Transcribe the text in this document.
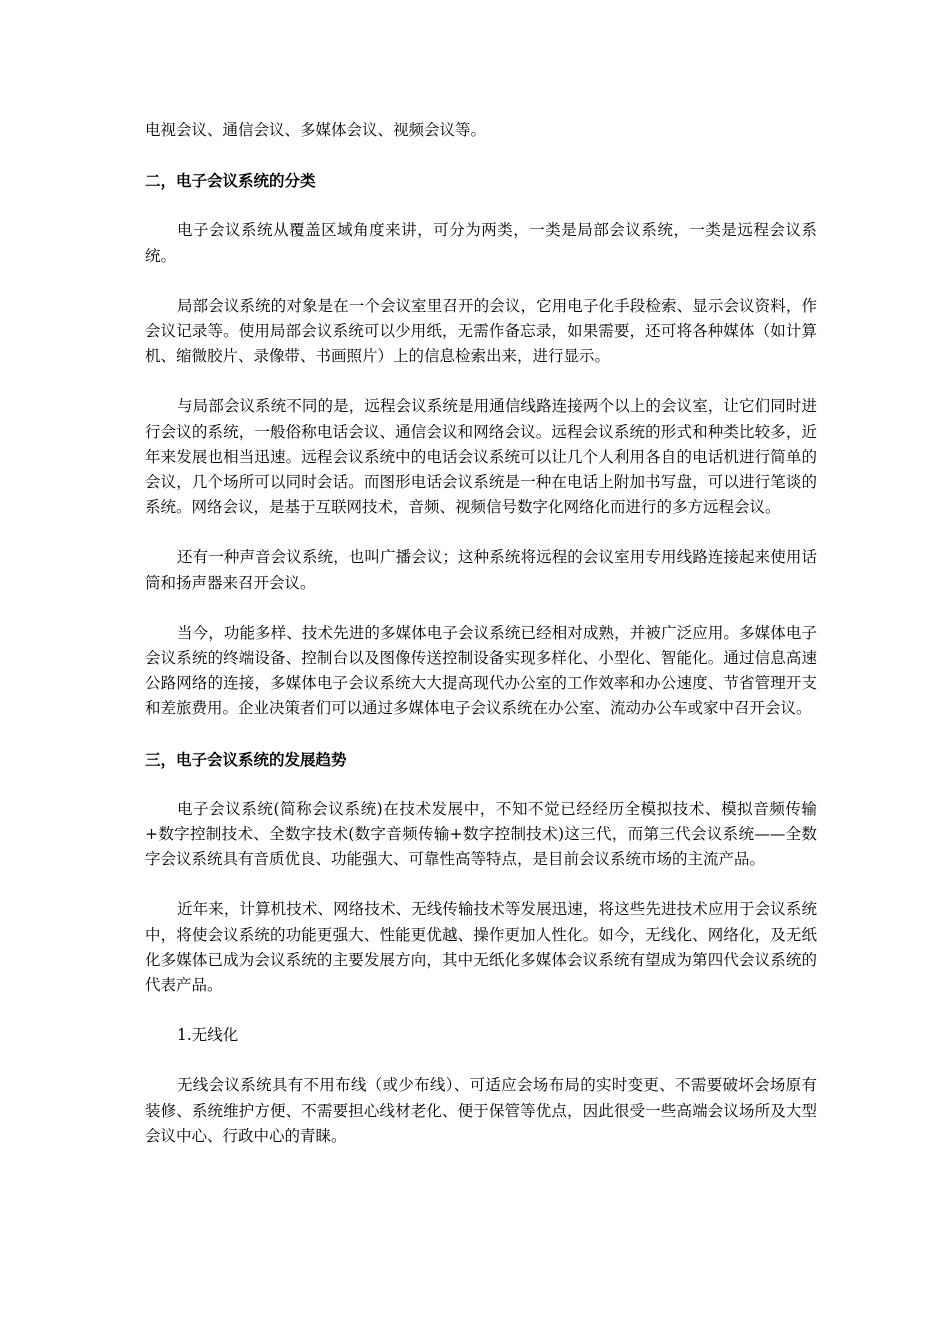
电视会议、通信会议、多媒体会议、视频会议等。

二，电子会议系统的分类

电子会议系统从覆盖区域角度来讲，可分为两类，一类是局部会议系统，一类是远程会议系统。

局部会议系统的对象是在一个会议室里召开的会议，它用电子化手段检索、显示会议资料，作会议记录等。使用局部会议系统可以少用纸，无需作备忘录，如果需要，还可将各种媒体（如计算机、缩微胶片、录像带、书画照片）上的信息检索出来，进行显示。

与局部会议系统不同的是，远程会议系统是用通信线路连接两个以上的会议室，让它们同时进行会议的系统，一般俗称电话会议、通信会议和网络会议。远程会议系统的形式和种类比较多，近年来发展也相当迅速。远程会议系统中的电话会议系统可以让几个人利用各自的电话机进行简单的会议，几个场所可以同时会话。而图形电话会议系统是一种在电话上附加书写盘，可以进行笔谈的系统。网络会议，是基于互联网技术，音频、视频信号数字化网络化而进行的多方远程会议。

还有一种声音会议系统，也叫广播会议；这种系统将远程的会议室用专用线路连接起来使用话筒和扬声器来召开会议。

当今，功能多样、技术先进的多媒体电子会议系统已经相对成熟，并被广泛应用。多媒体电子会议系统的终端设备、控制台以及图像传送控制设备实现多样化、小型化、智能化。通过信息高速公路网络的连接，多媒体电子会议系统大大提高现代办公室的工作效率和办公速度、节省管理开支和差旅费用。企业决策者们可以通过多媒体电子会议系统在办公室、流动办公车或家中召开会议。

三，电子会议系统的发展趋势

电子会议系统(简称会议系统)在技术发展中，不知不觉已经经历全模拟技术、模拟音频传输+数字控制技术、全数字技术(数字音频传输+数字控制技术)这三代，而第三代会议系统——全数字会议系统具有音质优良、功能强大、可靠性高等特点，是目前会议系统市场的主流产品。

近年来，计算机技术、网络技术、无线传输技术等发展迅速，将这些先进技术应用于会议系统中，将使会议系统的功能更强大、性能更优越、操作更加人性化。如今，无线化、网络化，及无纸化多媒体已成为会议系统的主要发展方向，其中无纸化多媒体会议系统有望成为第四代会议系统的代表产品。

1.无线化

无线会议系统具有不用布线（或少布线）、可适应会场布局的实时变更、不需要破坏会场原有装修、系统维护方便、不需要担心线材老化、便于保管等优点，因此很受一些高端会议场所及大型会议中心、行政中心的青睐。
